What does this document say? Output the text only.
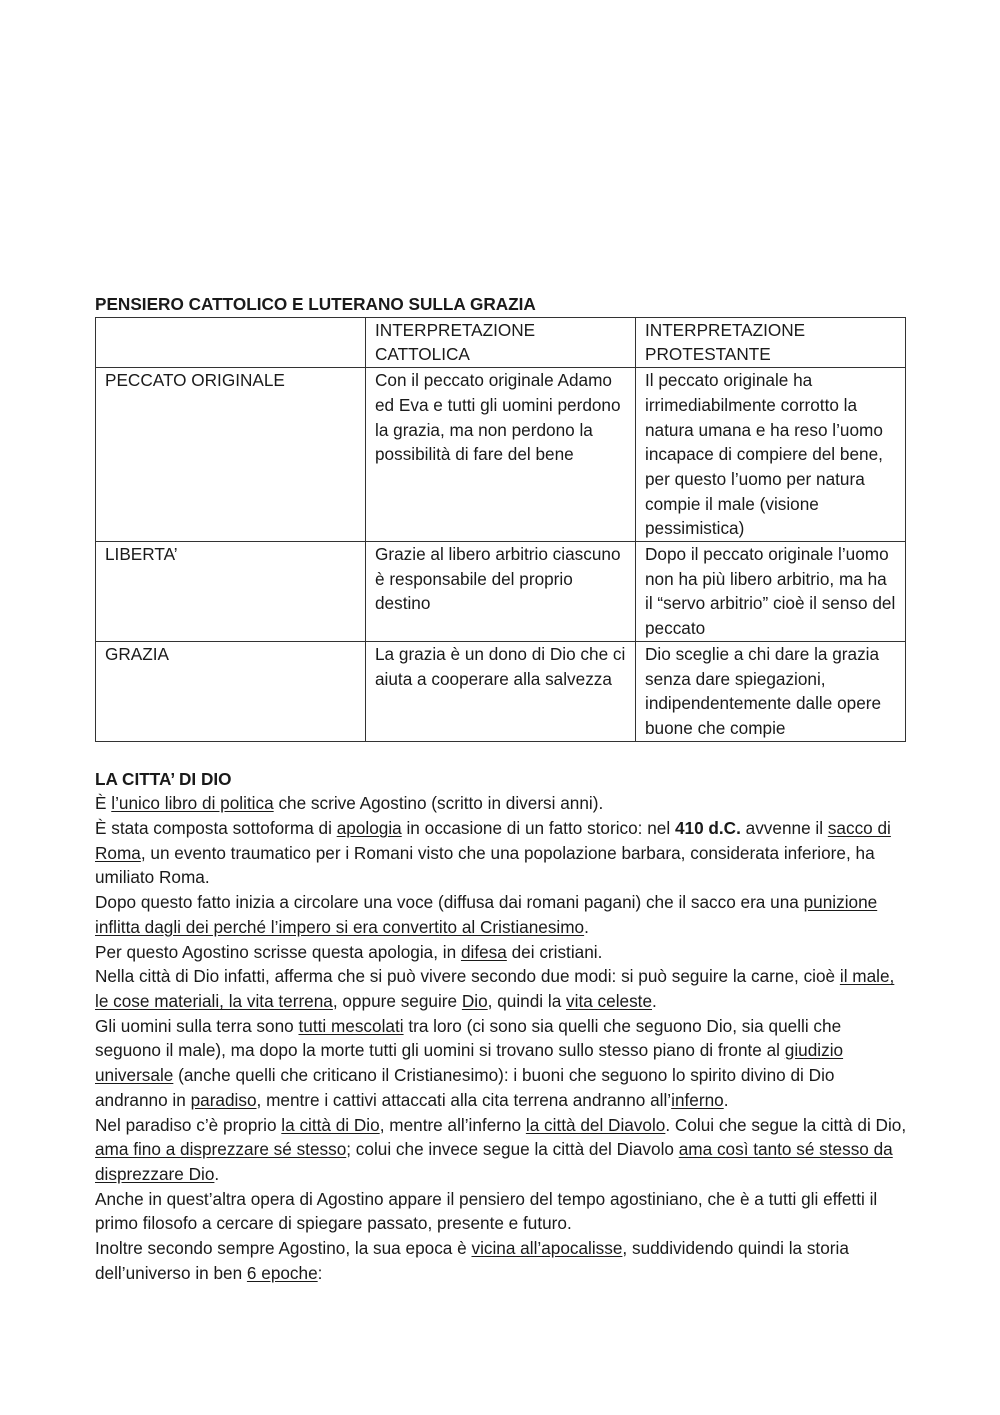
PENSIERO CATTOLICO E LUTERANO SULLA GRAZIA
	INTERPRETAZIONE CATTOLICA	INTERPRETAZIONE PROTESTANTE
PECCATO ORIGINALE	Con il peccato originale Adamo ed Eva e tutti gli uomini perdono la grazia, ma non perdono la possibilità di fare del bene	Il peccato originale ha irrimediabilmente corrotto la natura umana e ha reso l’uomo incapace di compiere del bene, per questo l’uomo per natura compie il male (visione pessimistica)
LIBERTA’	Grazie al libero arbitrio ciascuno è responsabile del proprio destino	Dopo il peccato originale l’uomo non ha più libero arbitrio, ma ha il “servo arbitrio” cioè il senso del peccato
GRAZIA	La grazia è un dono di Dio che ci aiuta a cooperare alla salvezza	Dio sceglie a chi dare la grazia senza dare spiegazioni, indipendentemente dalle opere buone che compie
LA CITTA’ DI DIO

È l’unico libro di politica che scrive Agostino (scritto in diversi anni).

È stata composta sottoforma di apologia in occasione di un fatto storico: nel 410 d.C. avvenne il sacco di Roma, un evento traumatico per i Romani visto che una popolazione barbara, considerata inferiore, ha umiliato Roma.

Dopo questo fatto inizia a circolare una voce (diffusa dai romani pagani) che il sacco era una punizione inflitta dagli dei perché l’impero si era convertito al Cristianesimo.

Per questo Agostino scrisse questa apologia, in difesa dei cristiani.

Nella città di Dio infatti, afferma che si può vivere secondo due modi: si può seguire la carne, cioè il male, le cose materiali, la vita terrena, oppure seguire Dio, quindi la vita celeste.

Gli uomini sulla terra sono tutti mescolati tra loro (ci sono sia quelli che seguono Dio, sia quelli che seguono il male), ma dopo la morte tutti gli uomini si trovano sullo stesso piano di fronte al giudizio universale (anche quelli che criticano il Cristianesimo): i buoni che seguono lo spirito divino di Dio andranno in paradiso, mentre i cattivi attaccati alla cita terrena andranno all’inferno.

Nel paradiso c’è proprio la città di Dio, mentre all’inferno la città del Diavolo. Colui che segue la città di Dio, ama fino a disprezzare sé stesso; colui che invece segue la città del Diavolo ama così tanto sé stesso da disprezzare Dio.

Anche in quest’altra opera di Agostino appare il pensiero del tempo agostiniano, che è a tutti gli effetti il primo filosofo a cercare di spiegare passato, presente e futuro.

Inoltre secondo sempre Agostino, la sua epoca è vicina all’apocalisse, suddividendo quindi la storia dell’universo in ben 6 epoche:
